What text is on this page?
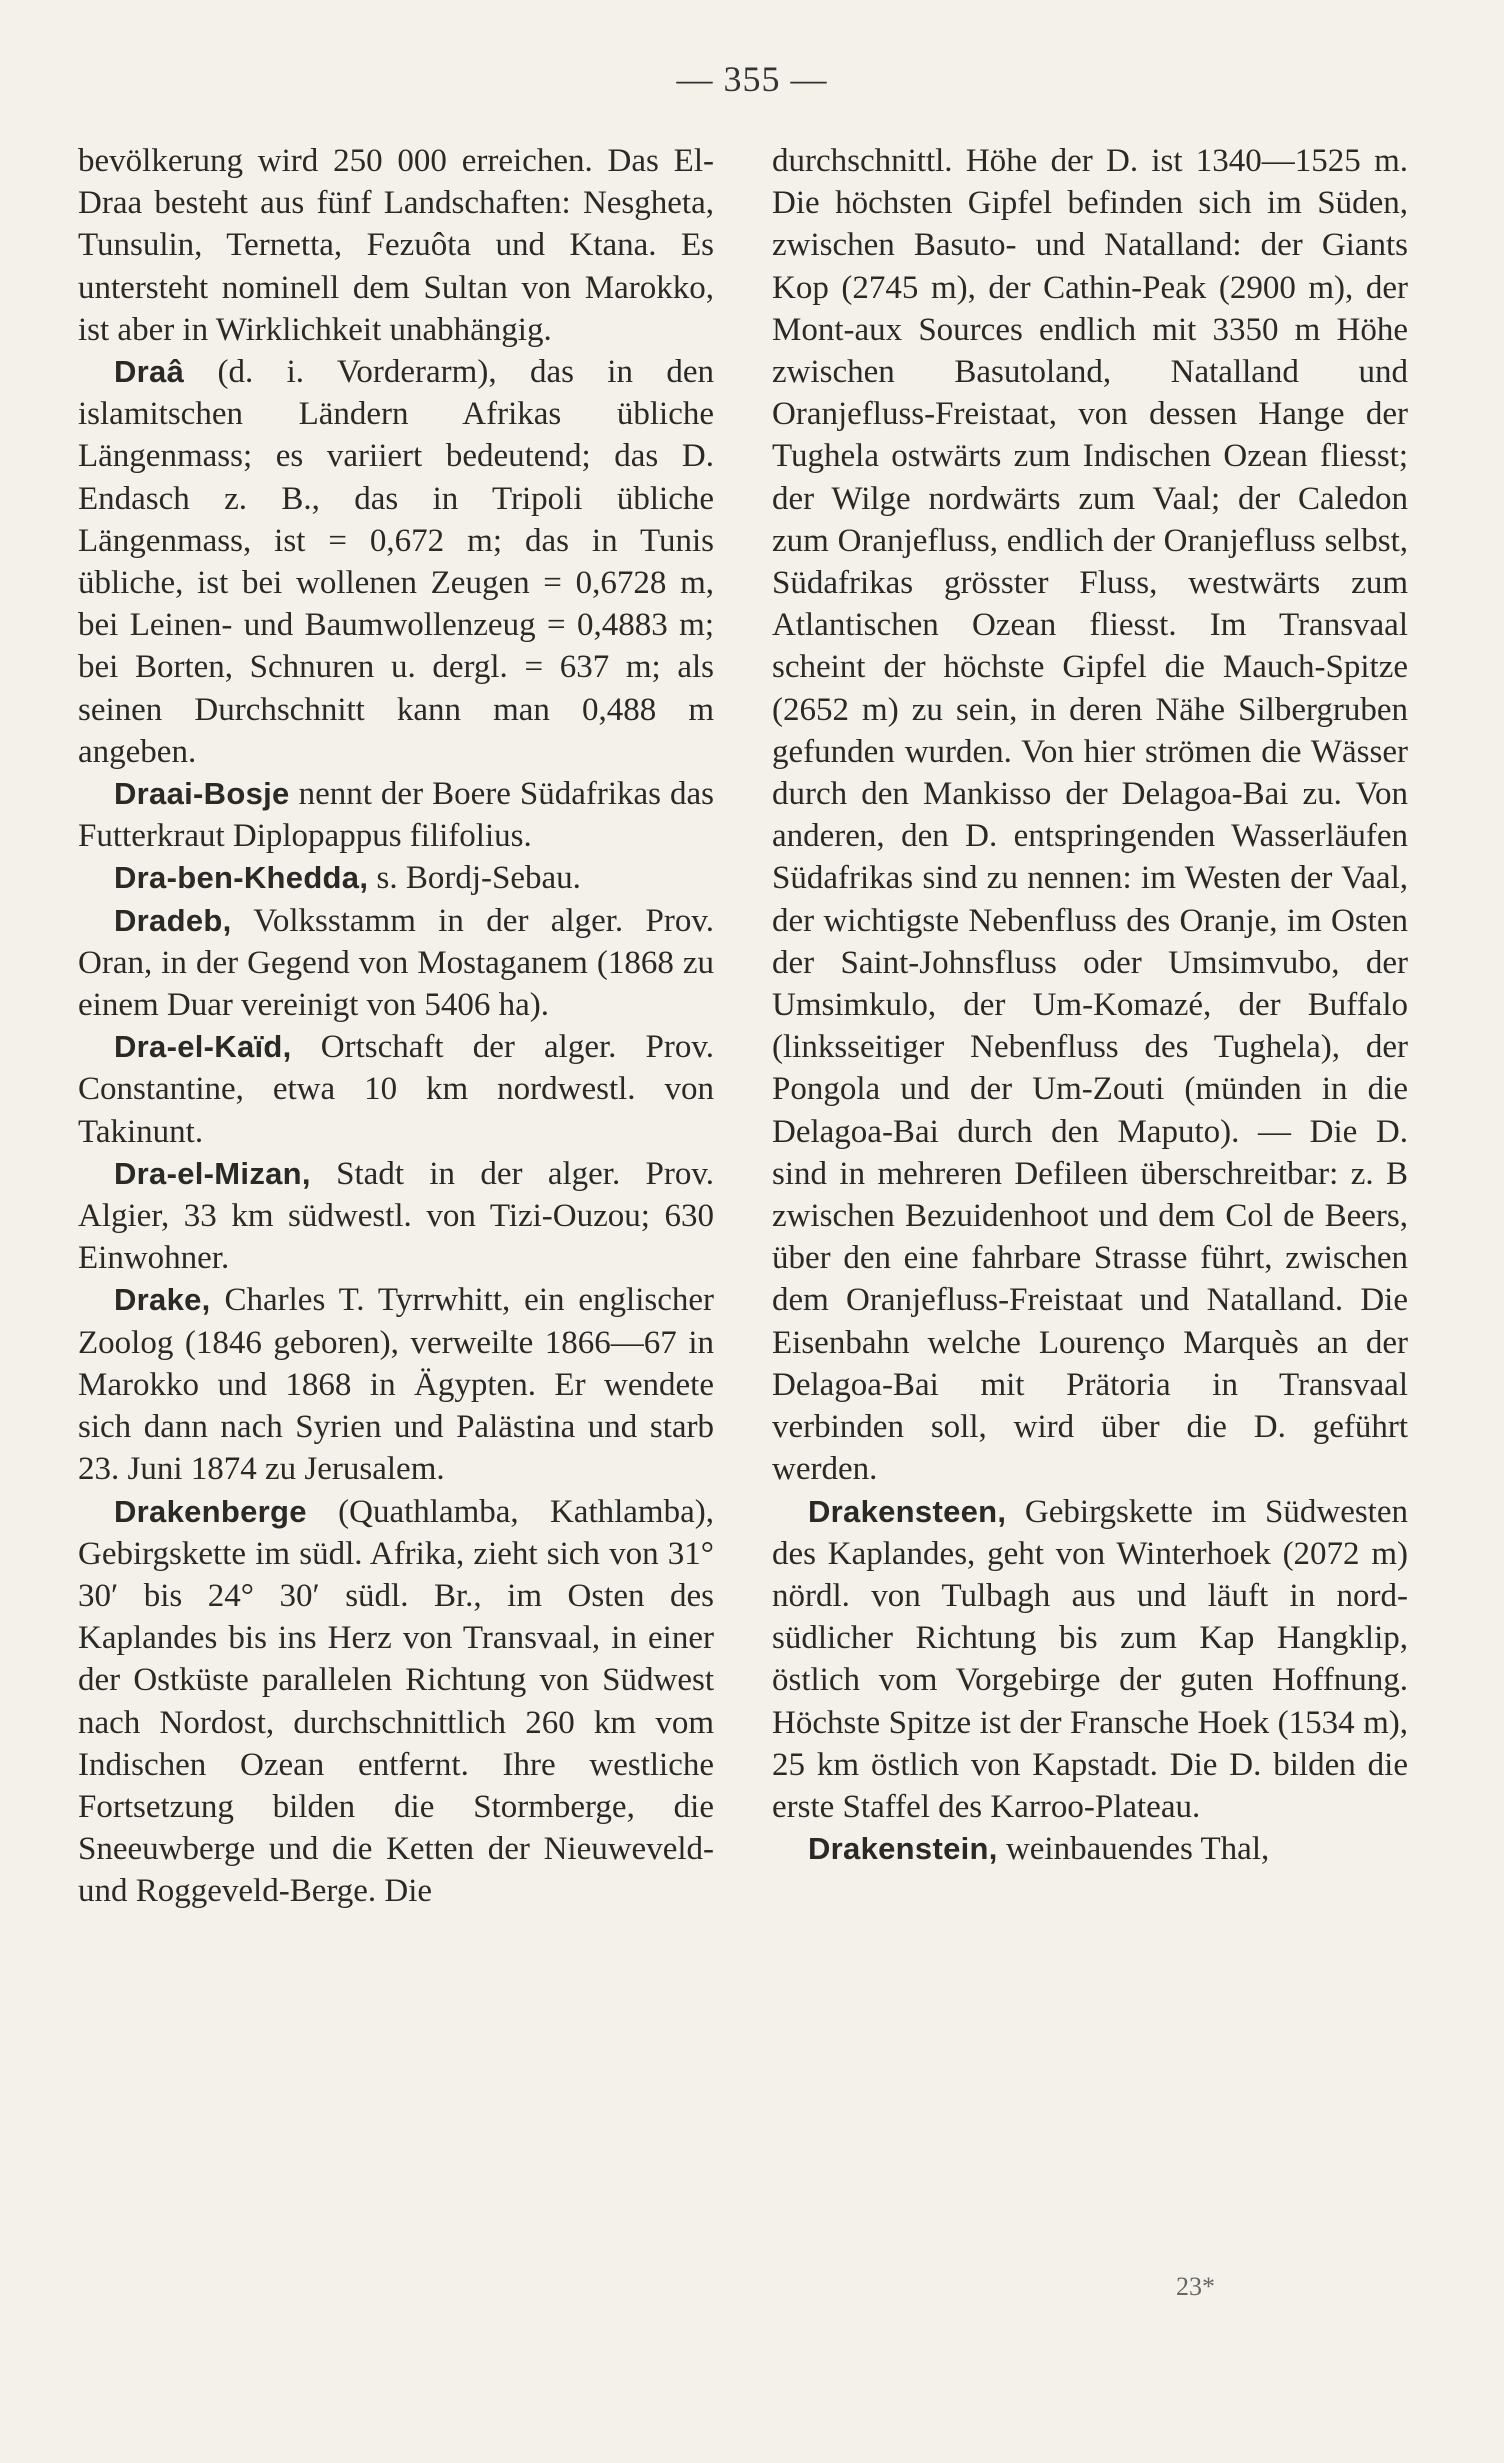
— 355 —

bevölkerung wird 250 000 erreichen. Das El-Draa besteht aus fünf Landschaften: Nesgheta, Tunsulin, Ternetta, Fezuôta und Ktana. Es untersteht nominell dem Sultan von Marokko, ist aber in Wirklichkeit unabhängig.

Draâ (d. i. Vorderarm), das in den islamitschen Ländern Afrikas übliche Längenmass; es variiert bedeutend; das D. Endasch z. B., das in Tripoli übliche Längenmass, ist = 0,672 m; das in Tunis übliche, ist bei wollenen Zeugen = 0,6728 m, bei Leinen- und Baumwollenzeug = 0,4883 m; bei Borten, Schnuren u. dergl. = 637 m; als seinen Durchschnitt kann man 0,488 m angeben.

Draai-Bosje nennt der Boere Südafrikas das Futterkraut Diplopappus filifolius.

Dra-ben-Khedda, s. Bordj-Sebau.

Dradeb, Volksstamm in der alger. Prov. Oran, in der Gegend von Mostaganem (1868 zu einem Duar vereinigt von 5406 ha).

Dra-el-Kaïd, Ortschaft der alger. Prov. Constantine, etwa 10 km nordwestl. von Takinunt.

Dra-el-Mizan, Stadt in der alger. Prov. Algier, 33 km südwestl. von Tizi-Ouzou; 630 Einwohner.

Drake, Charles T. Tyrrwhitt, ein englischer Zoolog (1846 geboren), verweilte 1866—67 in Marokko und 1868 in Ägypten. Er wendete sich dann nach Syrien und Palästina und starb 23. Juni 1874 zu Jerusalem.

Drakenberge (Quathlamba, Kathlamba), Gebirgskette im südl. Afrika, zieht sich von 31° 30′ bis 24° 30′ südl. Br., im Osten des Kaplandes bis ins Herz von Transvaal, in einer der Ostküste parallelen Richtung von Südwest nach Nordost, durchschnittlich 260 km vom Indischen Ozean entfernt. Ihre westliche Fortsetzung bilden die Stormberge, die Sneeuwberge und die Ketten der Nieuweveld- und Roggeveld-Berge. Die

durchschnittl. Höhe der D. ist 1340—1525 m. Die höchsten Gipfel befinden sich im Süden, zwischen Basuto- und Natalland: der Giants Kop (2745 m), der Cathin-Peak (2900 m), der Mont-aux Sources endlich mit 3350 m Höhe zwischen Basutoland, Natalland und Oranjefluss-Freistaat, von dessen Hange der Tughela ostwärts zum Indischen Ozean fliesst; der Wilge nordwärts zum Vaal; der Caledon zum Oranjefluss, endlich der Oranjefluss selbst, Südafrikas grösster Fluss, westwärts zum Atlantischen Ozean fliesst. Im Transvaal scheint der höchste Gipfel die Mauch-Spitze (2652 m) zu sein, in deren Nähe Silbergruben gefunden wurden. Von hier strömen die Wässer durch den Mankisso der Delagoa-Bai zu. Von anderen, den D. entspringenden Wasserläufen Südafrikas sind zu nennen: im Westen der Vaal, der wichtigste Nebenfluss des Oranje, im Osten der Saint-Johnsfluss oder Umsimvubo, der Umsimkulo, der Um-Komazé, der Buffalo (linksseitiger Nebenfluss des Tughela), der Pongola und der Um-Zouti (münden in die Delagoa-Bai durch den Maputo). — Die D. sind in mehreren Defileen überschreitbar: z. B zwischen Bezuidenhoot und dem Col de Beers, über den eine fahrbare Strasse führt, zwischen dem Oranjefluss-Freistaat und Natalland. Die Eisenbahn welche Lourenço Marquès an der Delagoa-Bai mit Prätoria in Transvaal verbinden soll, wird über die D. geführt werden.

Drakensteen, Gebirgskette im Südwesten des Kaplandes, geht von Winterhoek (2072 m) nördl. von Tulbagh aus und läuft in nord-südlicher Richtung bis zum Kap Hangklip, östlich vom Vorgebirge der guten Hoffnung. Höchste Spitze ist der Fransche Hoek (1534 m), 25 km östlich von Kapstadt. Die D. bilden die erste Staffel des Karroo-Plateau.

Drakenstein, weinbauendes Thal,

23*
